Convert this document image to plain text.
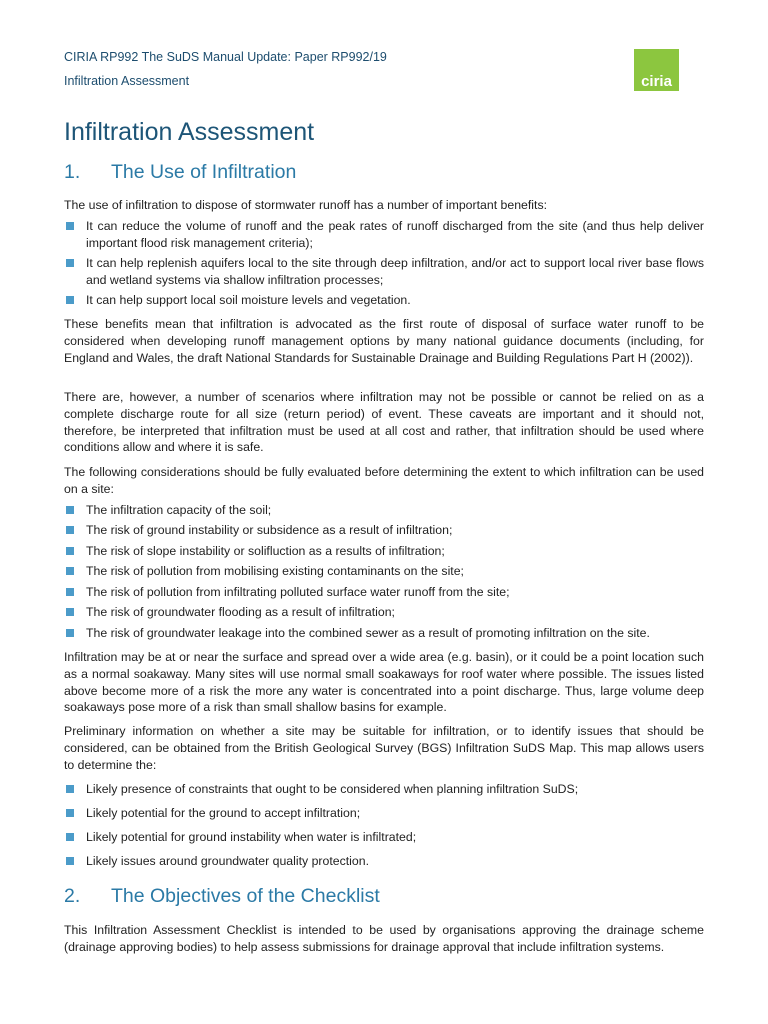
CIRIA RP992 The SuDS Manual Update: Paper RP992/19
Infiltration Assessment	ciria
Infiltration Assessment
1. The Use of Infiltration

The use of infiltration to dispose of stormwater runoff has a number of important benefits:

It can reduce the volume of runoff and the peak rates of runoff discharged from the site (and thus help deliver important flood risk management criteria);
It can help replenish aquifers local to the site through deep infiltration, and/or act to support local river base flows and wetland systems via shallow infiltration processes;
It can help support local soil moisture levels and vegetation.

These benefits mean that infiltration is advocated as the first route of disposal of surface water runoff to be considered when developing runoff management options by many national guidance documents (including, for England and Wales, the draft National Standards for Sustainable Drainage and Building Regulations Part H (2002)).

There are, however, a number of scenarios where infiltration may not be possible or cannot be relied on as a complete discharge route for all size (return period) of event. These caveats are important and it should not, therefore, be interpreted that infiltration must be used at all cost and rather, that infiltration should be used where conditions allow and where it is safe.

The following considerations should be fully evaluated before determining the extent to which infiltration can be used on a site:

The infiltration capacity of the soil;
The risk of ground instability or subsidence as a result of infiltration;
The risk of slope instability or solifluction as a results of infiltration;
The risk of pollution from mobilising existing contaminants on the site;
The risk of pollution from infiltrating polluted surface water runoff from the site;
The risk of groundwater flooding as a result of infiltration;
The risk of groundwater leakage into the combined sewer as a result of promoting infiltration on the site.

Infiltration may be at or near the surface and spread over a wide area (e.g. basin), or it could be a point location such as a normal soakaway. Many sites will use normal small soakaways for roof water where possible. The issues listed above become more of a risk the more any water is concentrated into a point discharge. Thus, large volume deep soakaways pose more of a risk than small shallow basins for example.

Preliminary information on whether a site may be suitable for infiltration, or to identify issues that should be considered, can be obtained from the British Geological Survey (BGS) Infiltration SuDS Map. This map allows users to determine the:

Likely presence of constraints that ought to be considered when planning infiltration SuDS;
Likely potential for the ground to accept infiltration;
Likely potential for ground instability when water is infiltrated;
Likely issues around groundwater quality protection.
2. The Objectives of the Checklist

This Infiltration Assessment Checklist is intended to be used by organisations approving the drainage scheme (drainage approving bodies) to help assess submissions for drainage approval that include infiltration systems.
